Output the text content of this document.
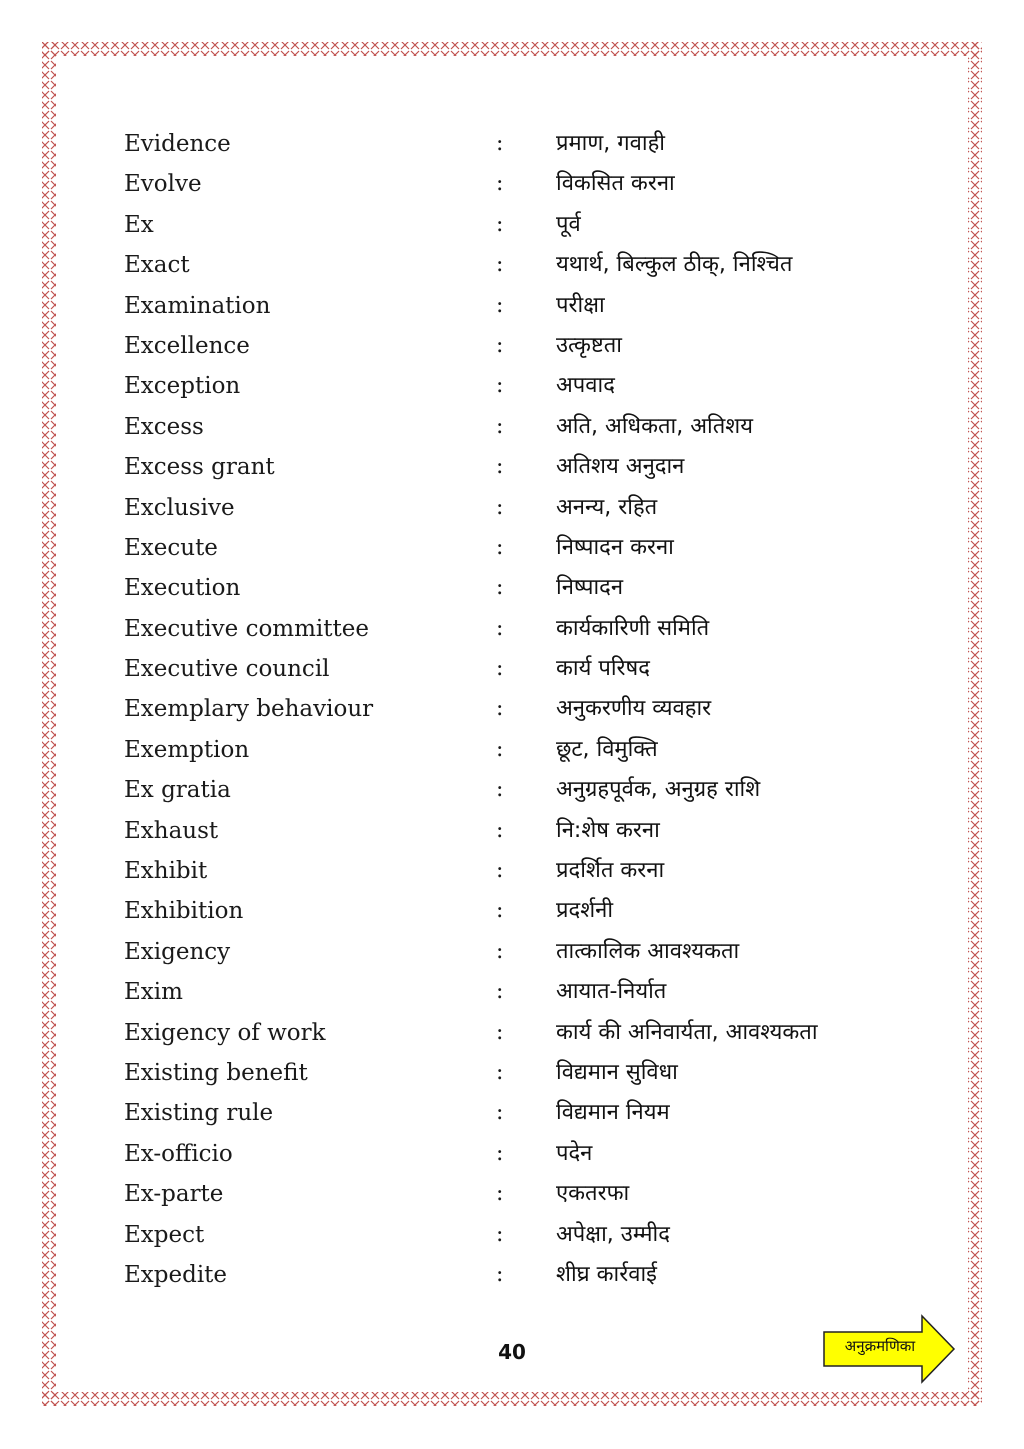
Evidence	: प्रमाण, गवाही
Evolve	: विकसित करना
Ex	: पूर्व
Exact	: यथार्थ, बिल्कुल ठीक्, निश्चित
Examination	: परीक्षा
Excellence	: उत्कृष्टता
Exception	: अपवाद
Excess	: अति, अधिकता, अतिशय
Excess grant	: अतिशय अनुदान
Exclusive	: अनन्य, रहित
Execute	: निष्पादन करना
Execution	: निष्पादन
Executive committee	: कार्यकारिणी समिति
Executive council	: कार्य परिषद
Exemplary behaviour	: अनुकरणीय व्यवहार
Exemption	: छूट, विमुक्ति
Ex gratia	: अनुग्रहपूर्वक, अनुग्रह राशि
Exhaust	: नि:शेष करना
Exhibit	: प्रदर्शित करना
Exhibition	: प्रदर्शनी
Exigency	: तात्कालिक आवश्यकता
Exim	: आयात-निर्यात
Exigency of work	: कार्य की अनिवार्यता, आवश्यकता
Existing benefit	: विद्यमान सुविधा
Existing rule	: विद्यमान नियम
Ex-officio	: पदेन
Ex-parte	: एकतरफा
Expect	: अपेक्षा, उम्मीद
Expedite	: शीघ्र कार्रवाई
40	अनुक्रमणिका
